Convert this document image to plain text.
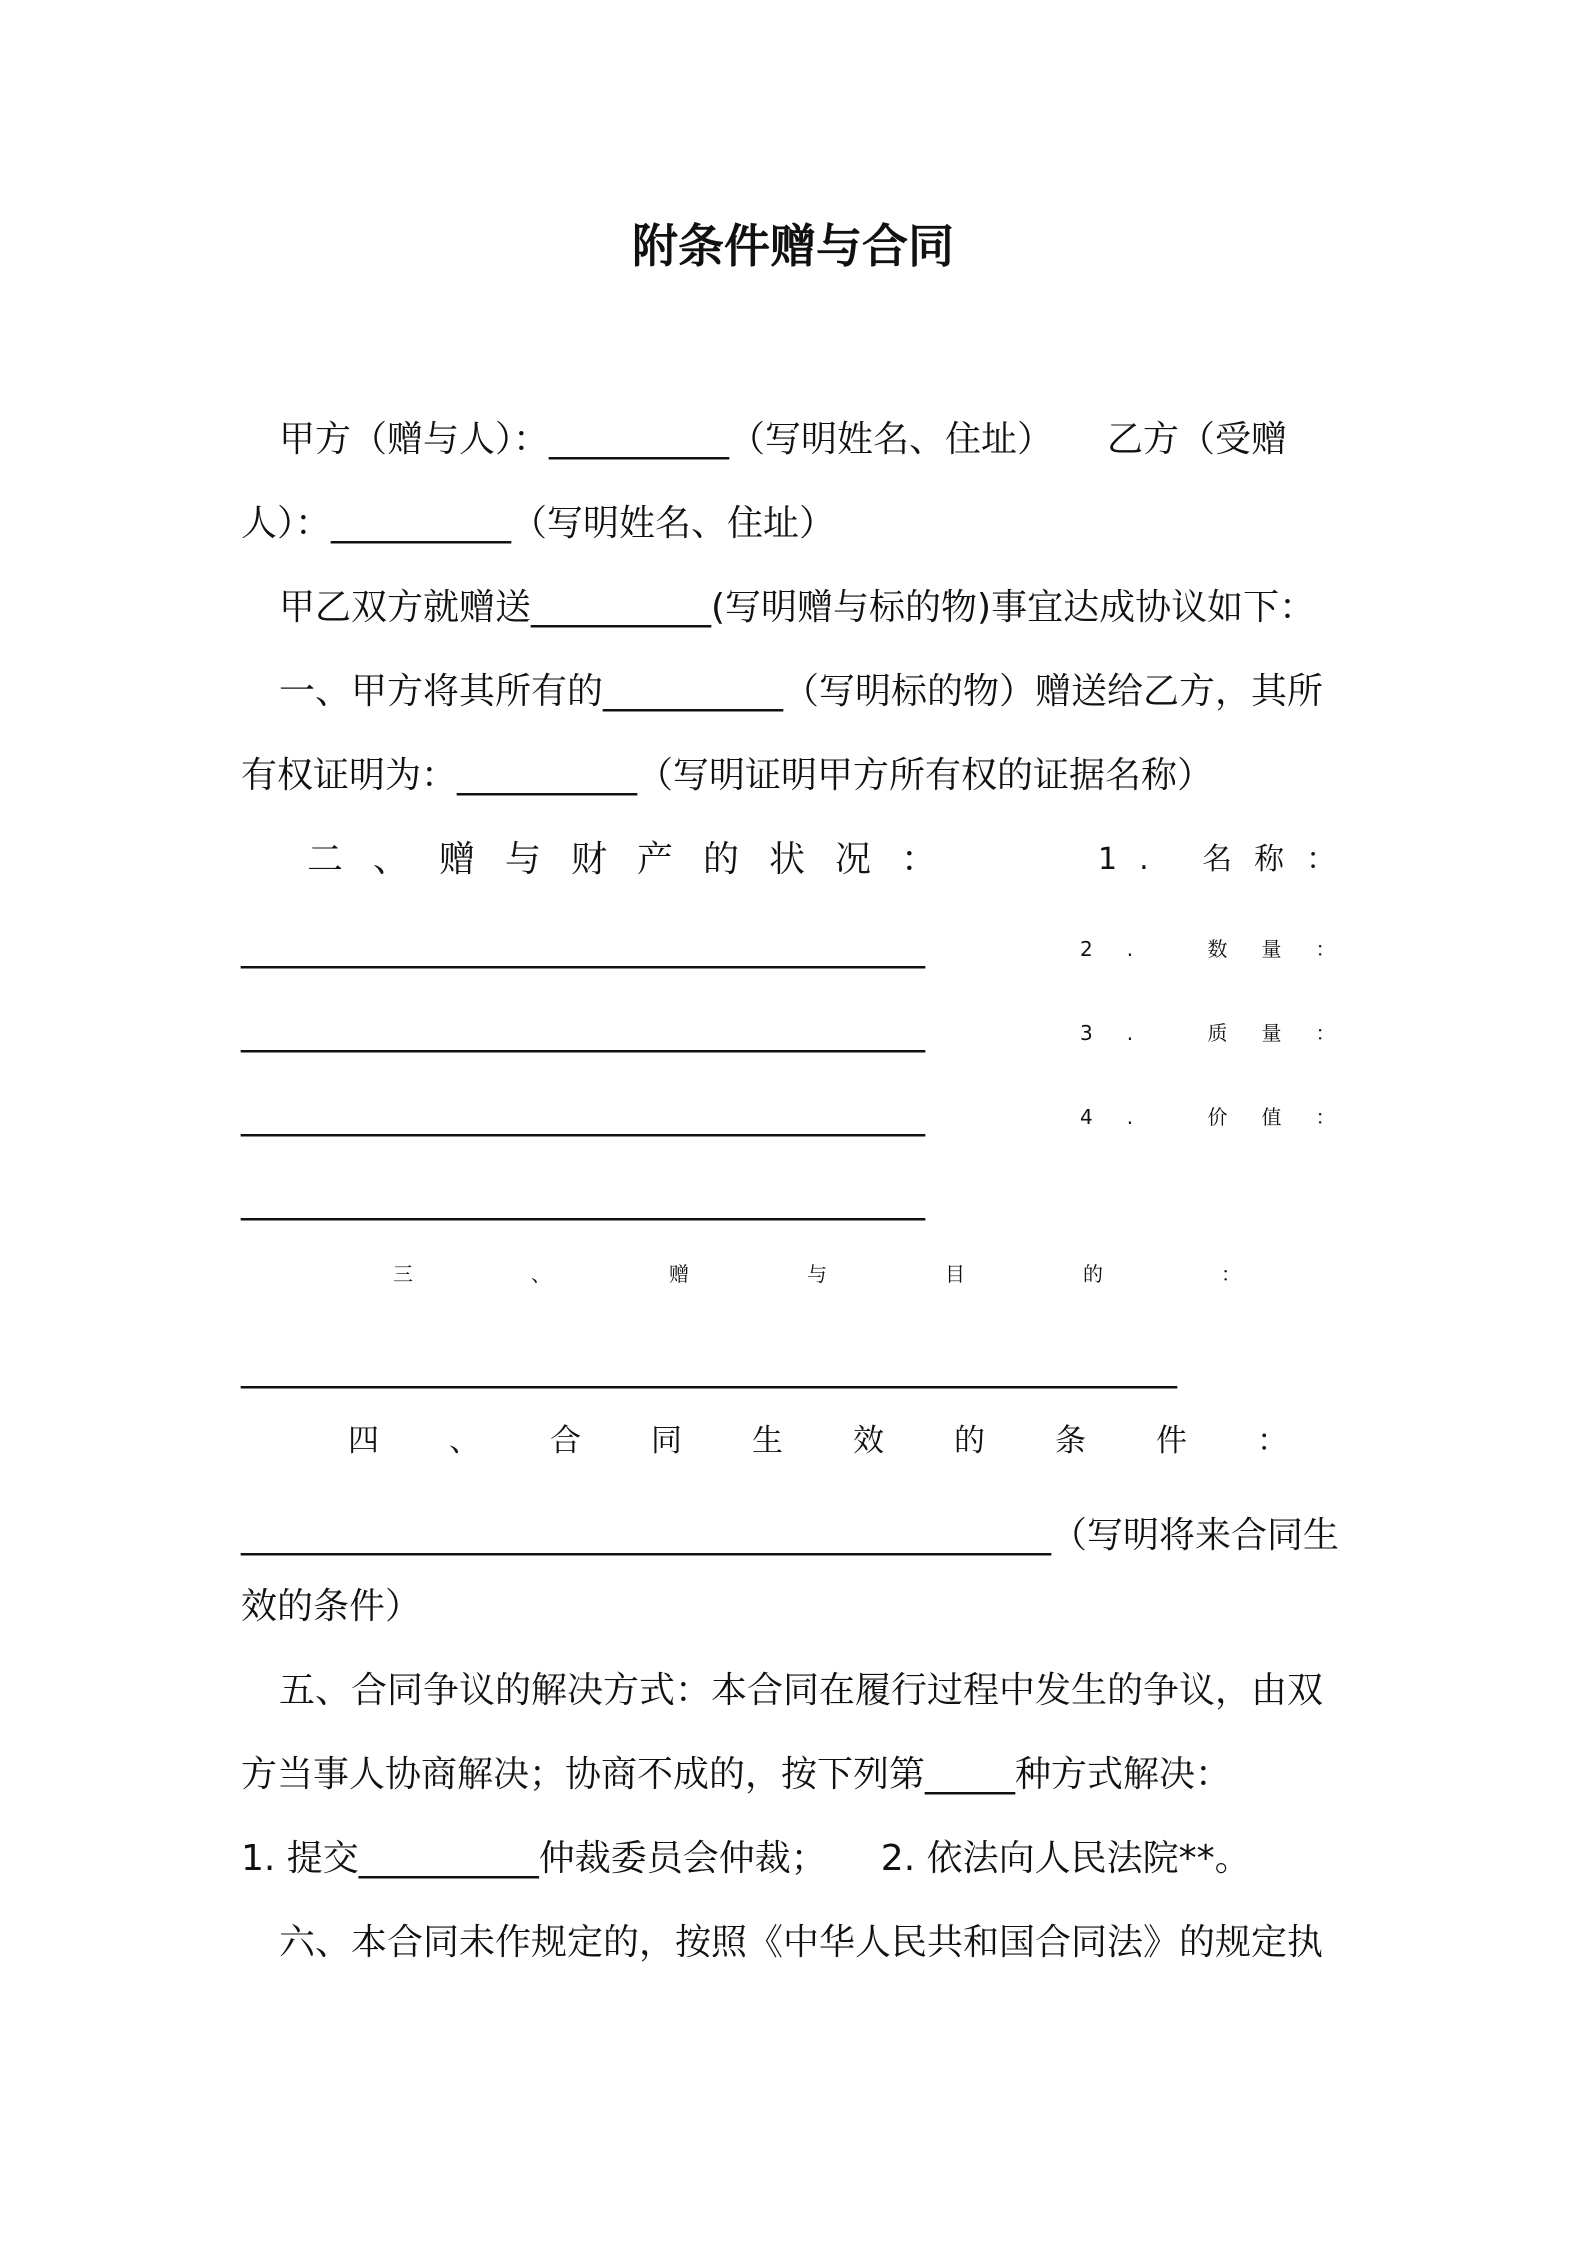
附条件赠与合同
甲方（赠与人）：__________（写明姓名、住址）　　乙方（受赠
人）：__________（写明姓名、住址）
甲乙双方就赠送__________(写明赠与标的物)事宜达成协议如下：
一、甲方将其所有的__________（写明标的物）赠送给乙方，其所
有权证明为：__________（写明证明甲方所有权的证据名称）
二、赠与财产的状况：	1. 名称：
______________________________________	2. 数量：
______________________________________	3. 质量：
______________________________________	4. 价值：
______________________________________
三、赠与目的：
____________________________________________________
四、合同生效的条件：
_____________________________________________（写明将来合同生
效的条件）
五、合同争议的解决方式：本合同在履行过程中发生的争议，由双
方当事人协商解决；协商不成的，按下列第_____种方式解决：
1. 提交__________仲裁委员会仲裁；　　2. 依法向人民法院**。
六、本合同未作规定的，按照《中华人民共和国合同法》的规定执
